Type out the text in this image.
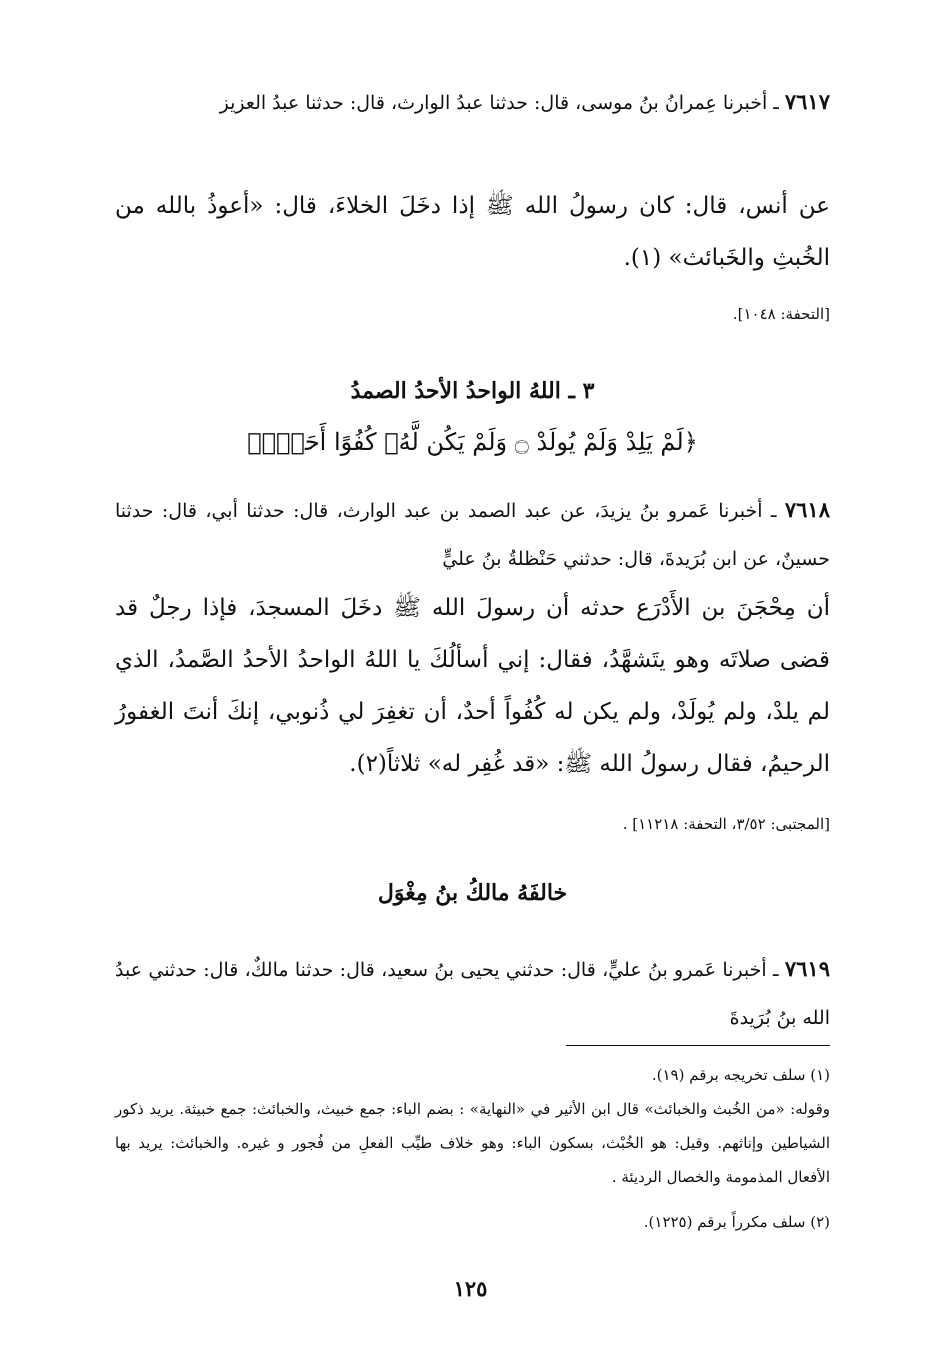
٧٦١٧ ـ أخبرنا عِمرانُ بنُ موسى، قال: حدثنا عبدُ الوارث، قال: حدثنا عبدُ العزيز
عن أنس، قال: كان رسولُ الله ﷺ إذا دخَلَ الخلاءَ، قال: «أعوذُ بالله من الخُبثِ والخَبائث» (١).
[التحفة: ١٠٤٨].
٣ ـ اللهُ الواحدُ الأحدُ الصمدُ
﴿لَمْ يَلِدْ وَلَمْ يُولَدْ ۝ وَلَمْ يَكُن لَّهُۥ كُفُوًا أَحَدٌۢ﴾
٧٦١٨ ـ أخبرنا عَمرو بنُ يزيدَ، عن عبد الصمد بن عبد الوارث، قال: حدثنا أبي، قال: حدثنا حسينٌ، عن ابن بُرَيدةَ، قال: حدثني حَنْظلةُ بنُ عليٍّ
أن مِحْجَنَ بن الأَدْرَع حدثه أن رسولَ الله ﷺ دخَلَ المسجدَ، فإذا رجلٌ قد قضى صلاتَه وهو يتَشهَّدُ، فقال: إني أسألُكَ يا اللهُ الواحدُ الأحدُ الصَّمدُ، الذي لم يلدْ، ولم يُولَدْ، ولم يكن له كُفُواً أحدٌ، أن تغفِرَ لي ذُنوبي، إنكَ أنتَ الغفورُ الرحيمُ، فقال رسولُ الله ﷺ: «قد غُفِر له» ثلاثاً(٢).
[المجتبى: ٣/٥٢، التحفة: ١١٢١٨] .
خالفَهُ مالكُ بنُ مِغْوَل
٧٦١٩ ـ أخبرنا عَمرو بنُ عليٍّ، قال: حدثني يحيى بنُ سعيد، قال: حدثنا مالكٌ، قال: حدثني عبدُ الله بنُ بُرَيدةَ
(١) سلف تخريجه برقم (١٩).
وقوله: «من الخُبث والخبائث» قال ابن الأثير في «النهاية» : بضم الباء: جمع خبيث، والخبائث: جمع خبيثة. يريد ذكور الشياطين وإناثهم. وقيل: هو الخُبْث، بسكون الباء: وهو خلاف طيِّب الفعلِ من فُجور و غيره. والخبائث: يريد بها الأفعال المذمومة والخصال الرديئة .
(٢) سلف مكرراً برقم (١٢٢٥).
١٢٥
